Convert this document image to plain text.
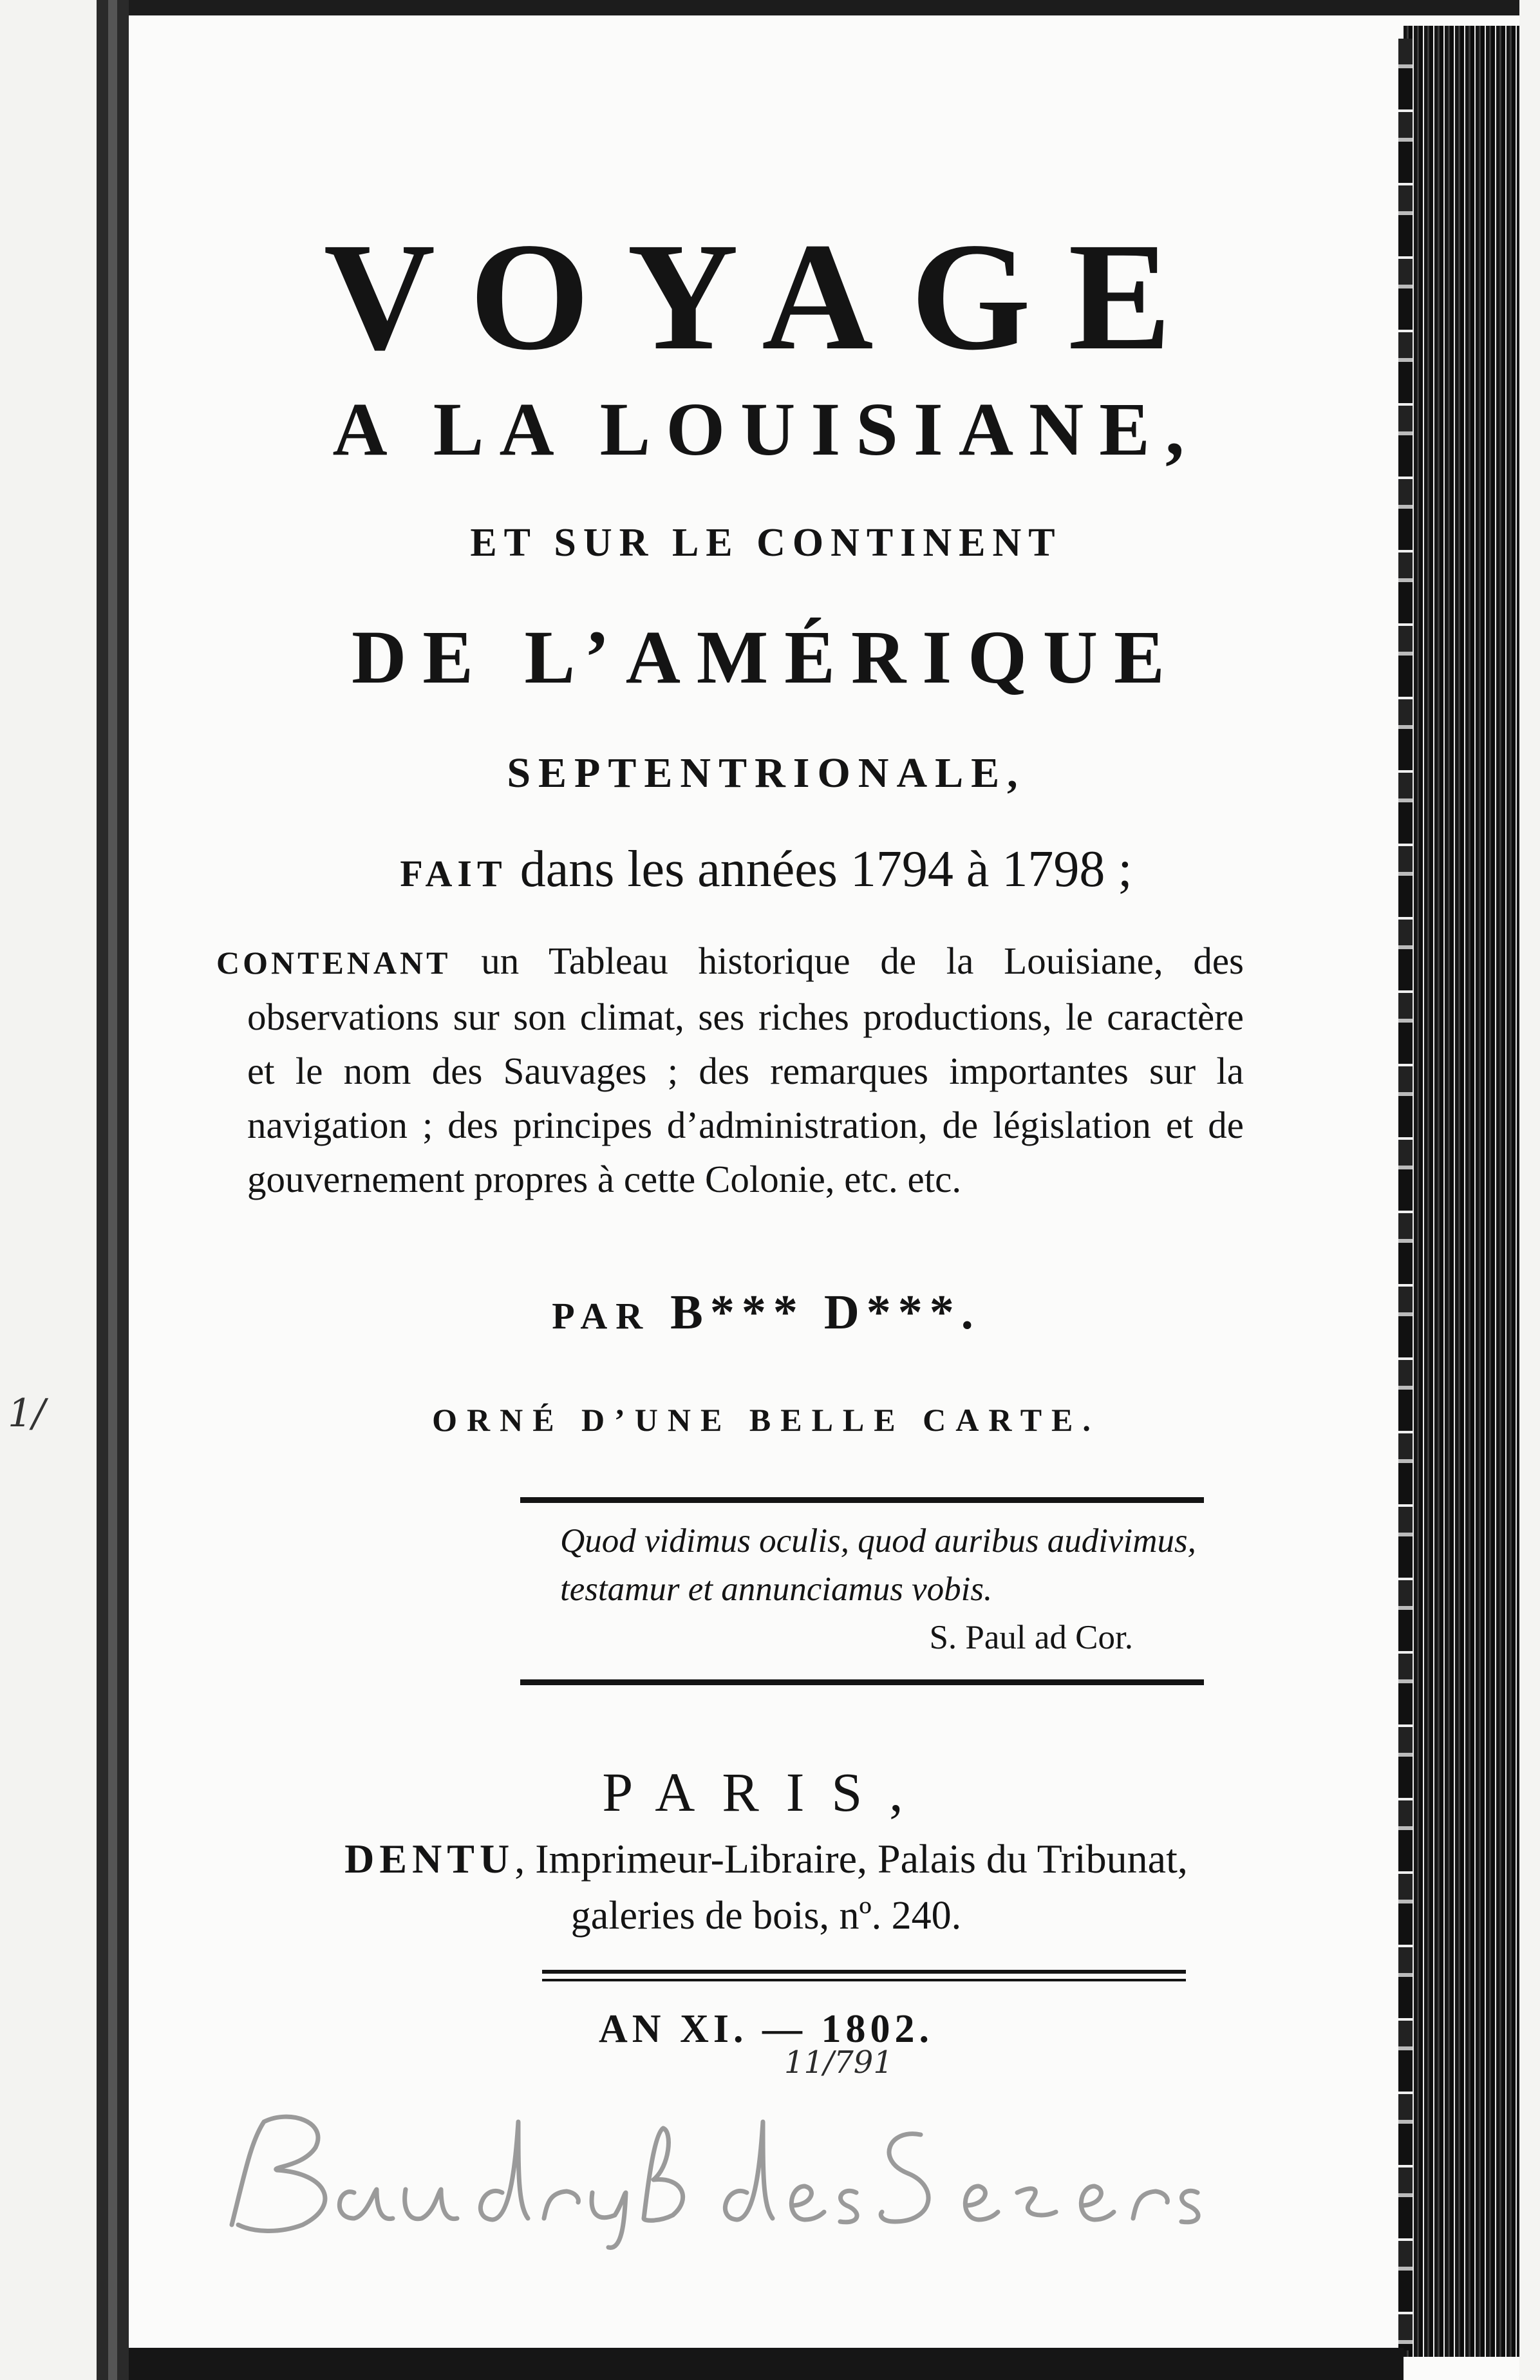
1/
VOYAGE
A LA LOUISIANE,
ET SUR LE CONTINENT
DE L’AMÉRIQUE
SEPTENTRIONALE,
FAIT dans les années 1794 à 1798 ;
CONTENANT un Tableau historique de la Louisiane, des observations sur son climat, ses riches productions, le caractère et le nom des Sauvages ; des remarques importantes sur la navigation ; des principes d’administration, de législation et de gouvernement propres à cette Colonie, etc. etc.
PAR B*** D***.
ORNÉ D’UNE BELLE CARTE.
Quod vidimus oculis, quod auribus audivimus, testamur et annunciamus vobis.
S. Paul ad Cor.
PARIS,
DENTU, Imprimeur-Libraire, Palais du Tribunat,
galeries de bois, nº. 240.
AN XI. — 1802.
11/791
